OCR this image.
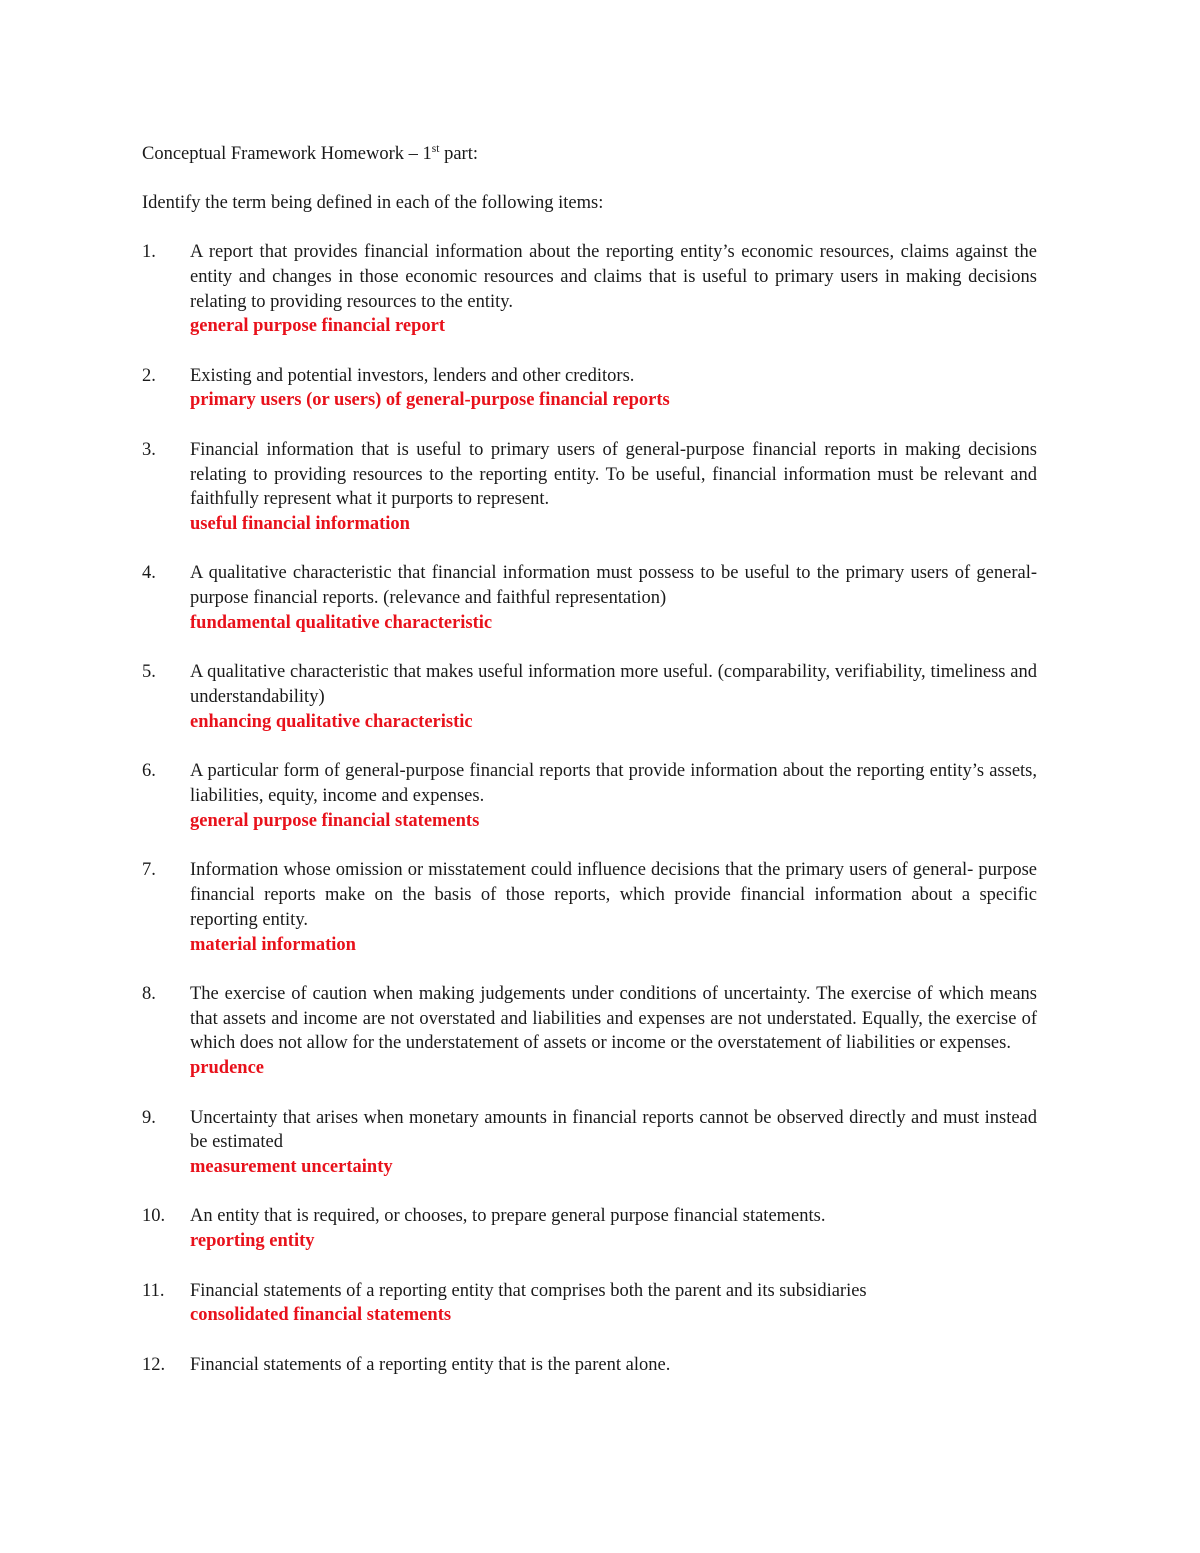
Conceptual Framework Homework – 1st part:

Identify the term being defined in each of the following items:

1.	A report that provides financial information about the reporting entity’s economic resources, claims against the entity and changes in those economic resources and claims that is useful to primary users in making decisions relating to providing resources to the entity.
general purpose financial report
2.	Existing and potential investors, lenders and other creditors.
primary users (or users) of general-purpose financial reports
3.	Financial information that is useful to primary users of general-purpose financial reports in making decisions relating to providing resources to the reporting entity. To be useful, financial information must be relevant and faithfully represent what it purports to represent.
useful financial information
4.	A qualitative characteristic that financial information must possess to be useful to the primary users of general-purpose financial reports. (relevance and faithful representation)
fundamental qualitative characteristic
5.	A qualitative characteristic that makes useful information more useful. (comparability, verifiability, timeliness and understandability)
enhancing qualitative characteristic
6.	A particular form of general-purpose financial reports that provide information about the reporting entity’s assets, liabilities, equity, income and expenses.
general purpose financial statements
7.	Information whose omission or misstatement could influence decisions that the primary users of general- purpose financial reports make on the basis of those reports, which provide financial information about a specific reporting entity.
material information
8.	The exercise of caution when making judgements under conditions of uncertainty. The exercise of which means that assets and income are not overstated and liabilities and expenses are not understated. Equally, the exercise of which does not allow for the understatement of assets or income or the overstatement of liabilities or expenses.
prudence
9.	Uncertainty that arises when monetary amounts in financial reports cannot be observed directly and must instead be estimated
measurement uncertainty
10.	An entity that is required, or chooses, to prepare general purpose financial statements.
reporting entity
11.	Financial statements of a reporting entity that comprises both the parent and its subsidiaries
consolidated financial statements
12.	Financial statements of a reporting entity that is the parent alone.
